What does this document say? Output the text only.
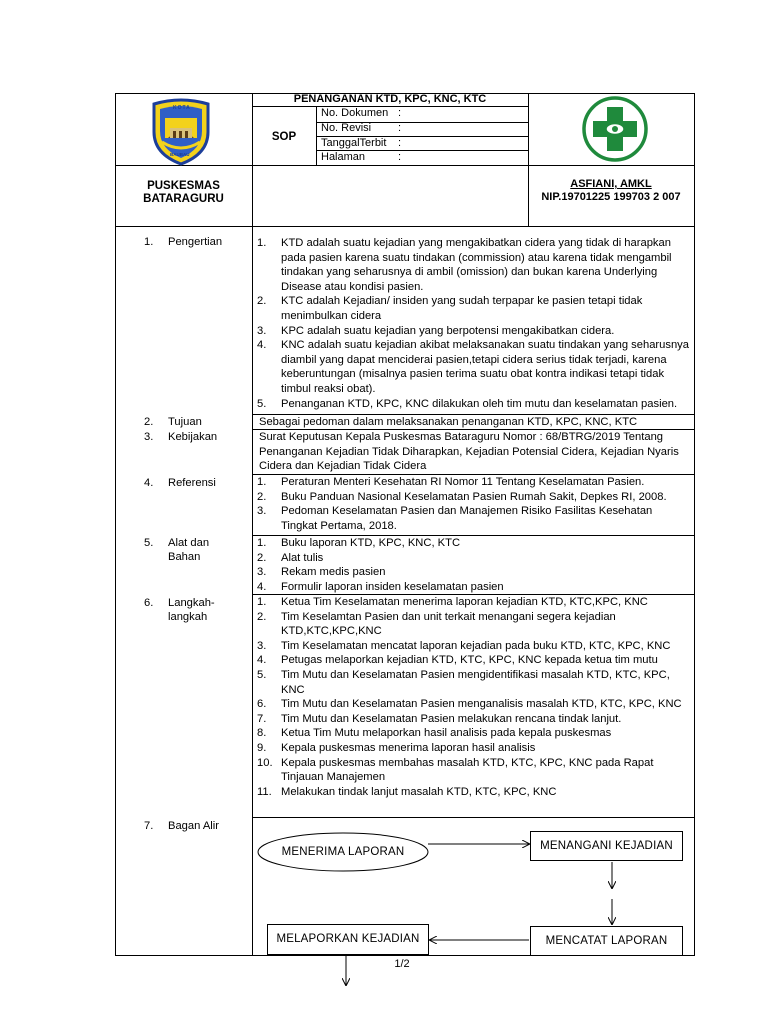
KOTA
BAUBAU
PENANGANAN KTD, KPC, KNC, KTC
SOP
No. Dokumen :
No. Revisi :
TanggalTerbit :
Halaman	:
PUSKESMAS
BATARAGURU
ASFIANI, AMKL
NIP.19701225 199703 2 007
1. Pengertian
2. Tujuan
3. Kebijakan
4. Referensi
5. Alat dan
Bahan
6. Langkah-
langkah
7. Bagan Alir
1. KTD adalah suatu kejadian yang mengakibatkan cidera yang tidak di harapkan pada pasien karena suatu tindakan (commission) atau karena tidak mengambil tindakan yang seharusnya di ambil (omission) dan bukan karena Underlying Disease atau kondisi pasien.
2. KTC adalah Kejadian/ insiden yang sudah terpapar ke pasien tetapi tidak menimbulkan cidera
3. KPC adalah suatu kejadian yang berpotensi mengakibatkan cidera.
4. KNC adalah suatu kejadian akibat melaksanakan suatu tindakan yang seharusnya diambil yang dapat menciderai pasien,tetapi cidera serius tidak terjadi, karena keberuntungan (misalnya pasien terima suatu obat kontra indikasi tetapi tidak timbul reaksi obat).
5. Penanganan KTD, KPC, KNC dilakukan oleh tim mutu dan keselamatan pasien.
Sebagai pedoman dalam melaksanakan penanganan KTD, KPC, KNC, KTC
Surat Keputusan Kepala Puskesmas Bataraguru Nomor : 68/BTRG/2019 Tentang Penanganan Kejadian Tidak Diharapkan, Kejadian Potensial Cidera, Kejadian Nyaris Cidera dan Kejadian Tidak Cidera
1. Peraturan Menteri Kesehatan RI Nomor 11 Tentang Keselamatan Pasien.
2. Buku Panduan Nasional Keselamatan Pasien Rumah Sakit, Depkes RI, 2008.
3. Pedoman Keselamatan Pasien dan Manajemen Risiko Fasilitas Kesehatan Tingkat Pertama, 2018.
1. Buku laporan KTD, KPC, KNC, KTC
2. Alat tulis
3. Rekam medis pasien
4. Formulir laporan insiden keselamatan pasien
1. Ketua Tim Keselamatan menerima laporan kejadian KTD, KTC,KPC, KNC
2. Tim Keselamtan Pasien dan unit terkait menangani segera kejadian KTD,KTC,KPC,KNC
3. Tim Keselamatan mencatat laporan kejadian pada buku KTD, KTC, KPC, KNC
4. Petugas melaporkan kejadian KTD, KTC, KPC, KNC kepada ketua tim mutu
5. Tim Mutu dan Keselamatan Pasien mengidentifikasi masalah KTD, KTC, KPC, KNC
6. Tim Mutu dan Keselamatan Pasien menganalisis masalah KTD, KTC, KPC, KNC
7. Tim Mutu dan Keselamatan Pasien melakukan rencana tindak lanjut.
8. Ketua Tim Mutu melaporkan hasil analisis pada kepala puskesmas
9. Kepala puskesmas menerima laporan hasil analisis
10. Kepala puskesmas membahas masalah KTD, KTC, KPC, KNC pada Rapat Tinjauan Manajemen
11. Melakukan tindak lanjut masalah KTD, KTC, KPC, KNC
MENERIMA LAPORAN
MENANGANI KEJADIAN
MENCATAT LAPORAN
MELAPORKAN KEJADIAN
1/2
